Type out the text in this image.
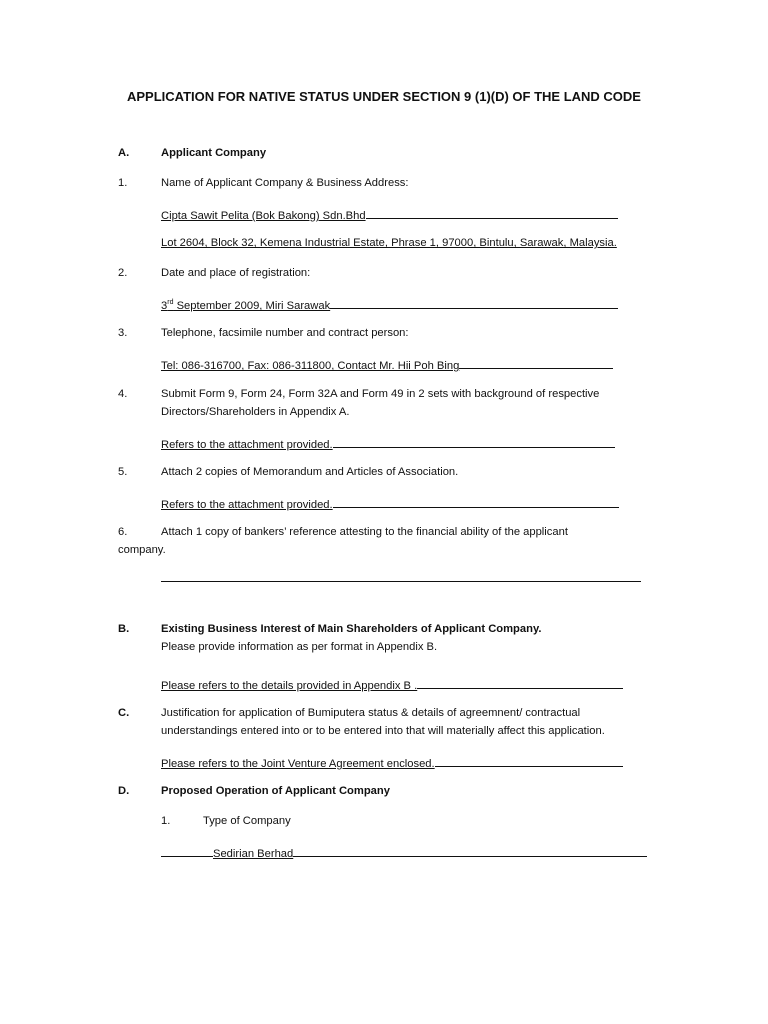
APPLICATION FOR NATIVE STATUS UNDER SECTION 9 (1)(D) OF THE LAND CODE
A.	Applicant Company
1.	Name of Applicant Company & Business Address:
Cipta Sawit Pelita (Bok Bakong) Sdn.Bhd
Lot 2604, Block 32, Kemena Industrial Estate, Phrase 1, 97000, Bintulu, Sarawak, Malaysia.
2.	Date and place of registration:
3rd September 2009, Miri Sarawak
3.	Telephone, facsimile number and contract person:
Tel: 086-316700, Fax: 086-311800, Contact Mr. Hii Poh Bing
4.	Submit Form 9, Form 24, Form 32A and Form 49 in 2 sets with background of respective
Directors/Shareholders in Appendix A.
Refers to the attachment provided.
5.	Attach 2 copies of Memorandum and Articles of Association.
Refers to the attachment provided.
6.	Attach 1 copy of bankers’ reference attesting to the financial ability of the applicant
company.
B.	Existing Business Interest of Main Shareholders of Applicant Company.
Please provide information as per format in Appendix B.
Please refers to the details provided in Appendix B .
C.	Justification for application of Bumiputera status & details of agreemnent/ contractual
understandings entered into or to be entered into that will materially affect this application.
Please refers to the Joint Venture Agreement enclosed.
D.	Proposed Operation of Applicant Company
1.	Type of Company
Sedirian Berhad
